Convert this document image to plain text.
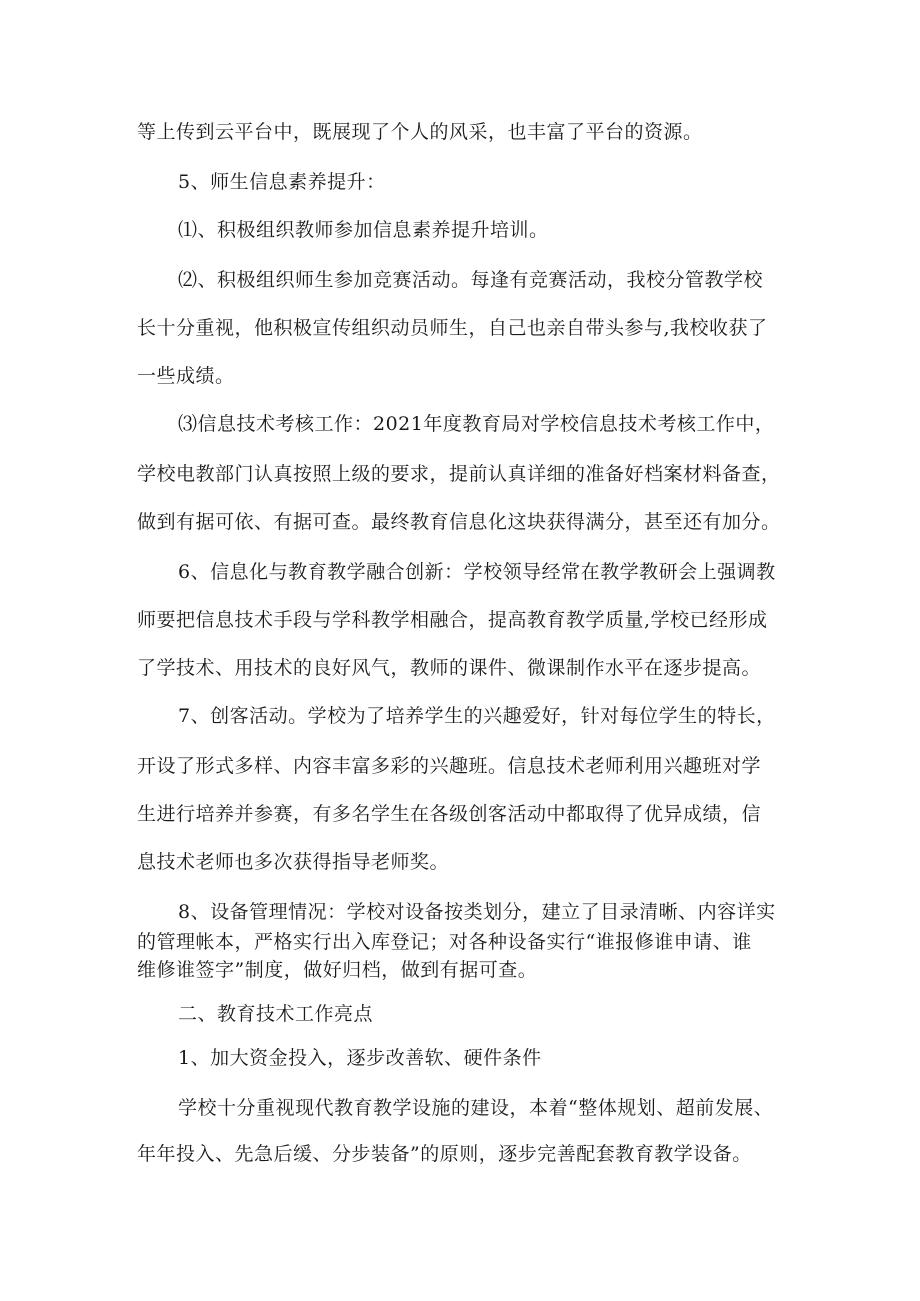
等上传到云平台中，既展现了个人的风采，也丰富了平台的资源。
5、师生信息素养提升：
⑴、积极组织教师参加信息素养提升培训。
⑵、积极组织师生参加竞赛活动。每逢有竞赛活动，我校分管教学校
长十分重视，他积极宣传组织动员师生，自己也亲自带头参与,我校收获了
一些成绩。
⑶信息技术考核工作：2021年度教育局对学校信息技术考核工作中，
学校电教部门认真按照上级的要求，提前认真详细的准备好档案材料备查，
做到有据可依、有据可查。最终教育信息化这块获得满分，甚至还有加分。
6、信息化与教育教学融合创新：学校领导经常在教学教研会上强调教
师要把信息技术手段与学科教学相融合，提高教育教学质量,学校已经形成
了学技术、用技术的良好风气，教师的课件、微课制作水平在逐步提高。
7、创客活动。学校为了培养学生的兴趣爱好，针对每位学生的特长，
开设了形式多样、内容丰富多彩的兴趣班。信息技术老师利用兴趣班对学
生进行培养并参赛，有多名学生在各级创客活动中都取得了优异成绩，信
息技术老师也多次获得指导老师奖。
8、设备管理情况：学校对设备按类划分，建立了目录清晰、内容详实
的管理帐本，严格实行出入库登记；对各种设备实行“谁报修谁申请、谁
维修谁签字”制度，做好归档，做到有据可查。
二、教育技术工作亮点
1、加大资金投入，逐步改善软、硬件条件
学校十分重视现代教育教学设施的建设，本着“整体规划、超前发展、
年年投入、先急后缓、分步装备”的原则，逐步完善配套教育教学设备。
